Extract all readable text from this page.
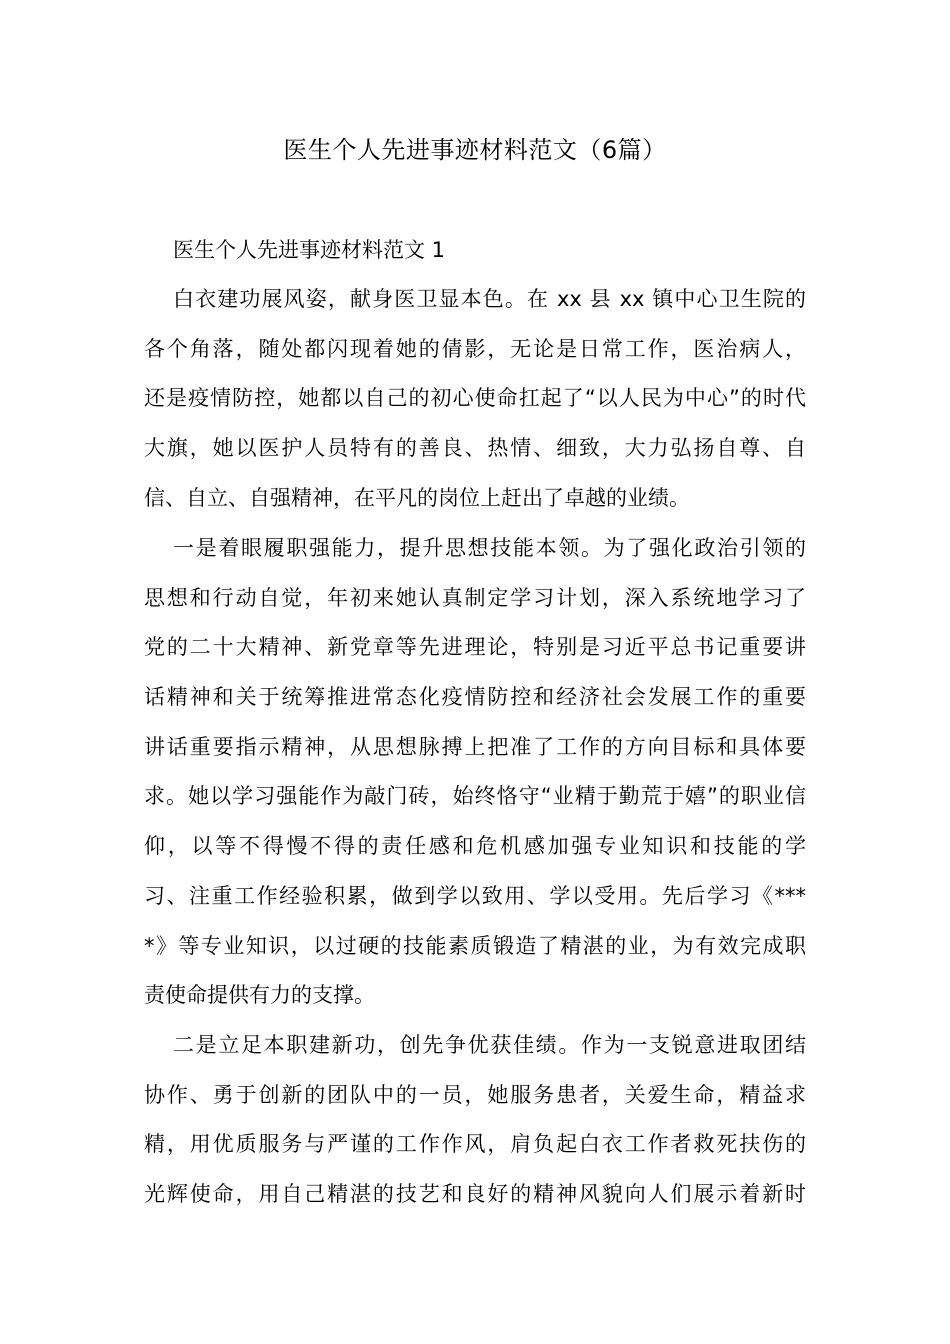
医生个人先进事迹材料范文（6篇）
医生个人先进事迹材料范文 1

白衣建功展风姿，献身医卫显本色。在 xx 县 xx 镇中心卫生院的
各个角落，随处都闪现着她的倩影，无论是日常工作，医治病人，
还是疫情防控，她都以自己的初心使命扛起了“以人民为中心”的时代
大旗，她以医护人员特有的善良、热情、细致，大力弘扬自尊、自
信、自立、自强精神，在平凡的岗位上赶出了卓越的业绩。

一是着眼履职强能力，提升思想技能本领。为了强化政治引领的
思想和行动自觉，年初来她认真制定学习计划，深入系统地学习了
党的二十大精神、新党章等先进理论，特别是习近平总书记重要讲
话精神和关于统筹推进常态化疫情防控和经济社会发展工作的重要
讲话重要指示精神，从思想脉搏上把准了工作的方向目标和具体要
求。她以学习强能作为敲门砖，始终恪守“业精于勤荒于嬉”的职业信
仰，以等不得慢不得的责任感和危机感加强专业知识和技能的学
习、注重工作经验积累，做到学以致用、学以受用。先后学习《***
*》等专业知识，以过硬的技能素质锻造了精湛的业，为有效完成职
责使命提供有力的支撑。

二是立足本职建新功，创先争优获佳绩。作为一支锐意进取团结
协作、勇于创新的团队中的一员，她服务患者，关爱生命，精益求
精，用优质服务与严谨的工作作风，肩负起白衣工作者救死扶伤的
光辉使命，用自己精湛的技艺和良好的精神风貌向人们展示着新时
